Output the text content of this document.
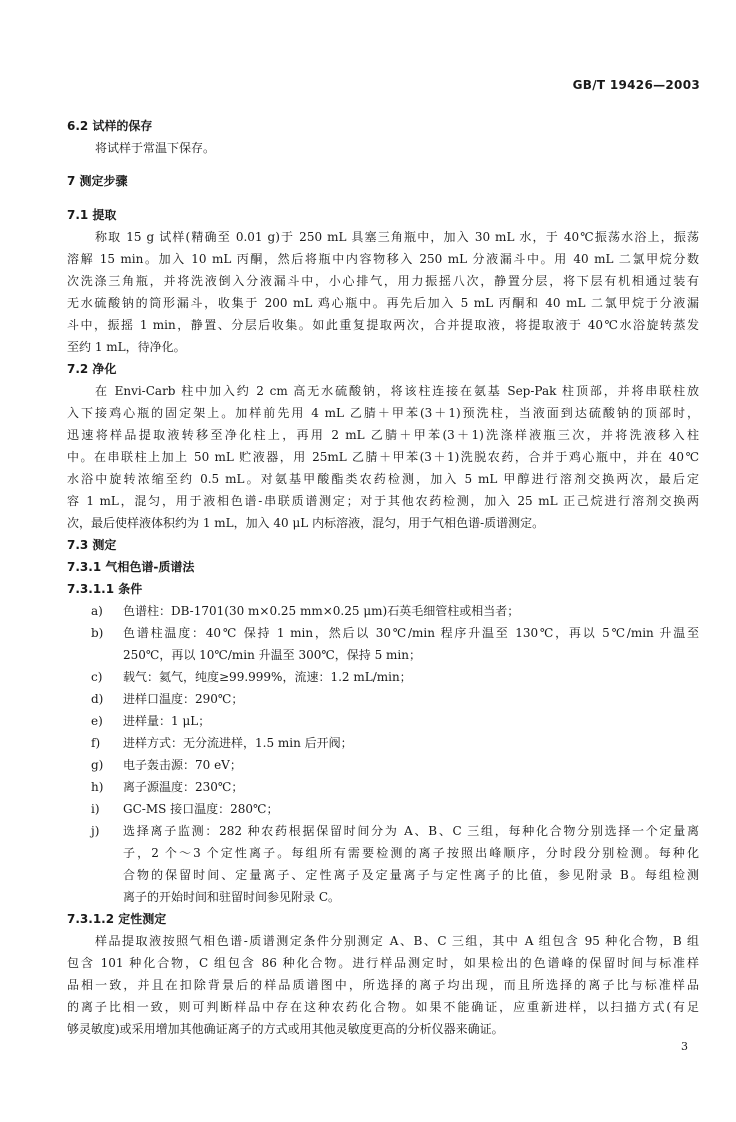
GB/T 19426—2003

6.2 试样的保存

将试样于常温下保存。

7 测定步骤

7.1 提取

称取 15 g 试样(精确至 0.01 g)于 250 mL 具塞三角瓶中，加入 30 mL 水，于 40℃振荡水浴上，振荡

溶解 15 min。加入 10 mL 丙酮，然后将瓶中内容物移入 250 mL 分液漏斗中。用 40 mL 二氯甲烷分数

次洗涤三角瓶，并将洗液倒入分液漏斗中，小心排气，用力振摇八次，静置分层，将下层有机相通过装有

无水硫酸钠的筒形漏斗，收集于 200 mL 鸡心瓶中。再先后加入 5 mL 丙酮和 40 mL 二氯甲烷于分液漏

斗中，振摇 1 min，静置、分层后收集。如此重复提取两次，合并提取液，将提取液于 40℃水浴旋转蒸发

至约 1 mL，待净化。

7.2 净化

在 Envi-Carb 柱中加入约 2 cm 高无水硫酸钠，将该柱连接在氨基 Sep-Pak 柱顶部，并将串联柱放

入下接鸡心瓶的固定架上。加样前先用 4 mL 乙腈＋甲苯(3＋1)预洗柱，当液面到达硫酸钠的顶部时，

迅速将样品提取液转移至净化柱上，再用 2 mL 乙腈＋甲苯(3＋1)洗涤样液瓶三次，并将洗液移入柱

中。在串联柱上加上 50 mL 贮液器，用 25mL 乙腈＋甲苯(3＋1)洗脱农药，合并于鸡心瓶中，并在 40℃

水浴中旋转浓缩至约 0.5 mL。对氨基甲酸酯类农药检测，加入 5 mL 甲醇进行溶剂交换两次，最后定

容 1 mL，混匀，用于液相色谱-串联质谱测定；对于其他农药检测，加入 25 mL 正己烷进行溶剂交换两

次，最后使样液体积约为 1 mL，加入 40 μL 内标溶液，混匀，用于气相色谱-质谱测定。

7.3 测定

7.3.1 气相色谱-质谱法

7.3.1.1 条件

a) 色谱柱：DB-1701(30 m×0.25 mm×0.25 μm)石英毛细管柱或相当者；
b) 色谱柱温度：40℃ 保持 1 min，然后以 30℃/min 程序升温至 130℃，再以 5℃/min 升温至

250℃，再以 10℃/min 升温至 300℃，保持 5 min；

c) 载气：氦气，纯度≥99.999%，流速：1.2 mL/min；
d) 进样口温度：290℃；
e) 进样量：1 μL；
f) 进样方式：无分流进样，1.5 min 后开阀；
g) 电子轰击源：70 eV；
h) 离子源温度：230℃；
i) GC-MS 接口温度：280℃；
j) 选择离子监测：282 种农药根据保留时间分为 A、B、C 三组，每种化合物分别选择一个定量离

子，2 个～3 个定性离子。每组所有需要检测的离子按照出峰顺序，分时段分别检测。每种化

合物的保留时间、定量离子、定性离子及定量离子与定性离子的比值，参见附录 B。每组检测

离子的开始时间和驻留时间参见附录 C。

7.3.1.2 定性测定

样品提取液按照气相色谱-质谱测定条件分别测定 A、B、C 三组，其中 A 组包含 95 种化合物，B 组

包含 101 种化合物，C 组包含 86 种化合物。进行样品测定时，如果检出的色谱峰的保留时间与标准样

品相一致，并且在扣除背景后的样品质谱图中，所选择的离子均出现，而且所选择的离子比与标准样品

的离子比相一致，则可判断样品中存在这种农药化合物。如果不能确证，应重新进样，以扫描方式(有足

够灵敏度)或采用增加其他确证离子的方式或用其他灵敏度更高的分析仪器来确证。

3
